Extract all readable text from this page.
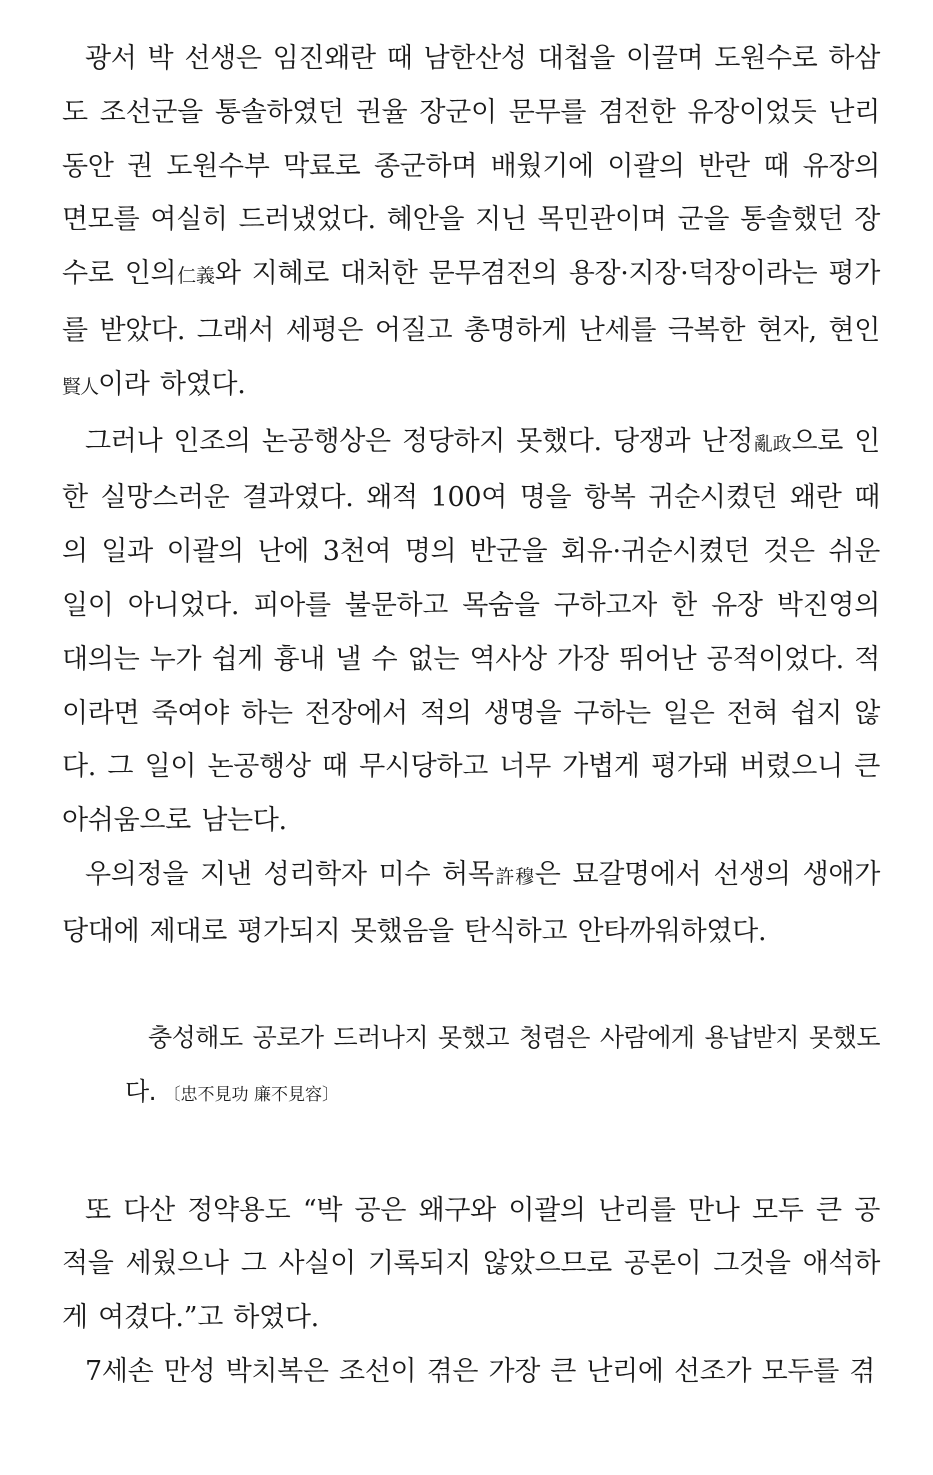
광서 박 선생은 임진왜란 때 남한산성 대첩을 이끌며 도원수로 하삼도 조선군을 통솔하였던 권율 장군이 문무를 겸전한 유장이었듯 난리 동안 권 도원수부 막료로 종군하며 배웠기에 이괄의 반란 때 유장의 면모를 여실히 드러냈었다. 혜안을 지닌 목민관이며 군을 통솔했던 장수로 인의仁義와 지혜로 대처한 문무겸전의 용장·지장·덕장이라는 평가를 받았다. 그래서 세평은 어질고 총명하게 난세를 극복한 현자, 현인賢人이라 하였다.

그러나 인조의 논공행상은 정당하지 못했다. 당쟁과 난정亂政으로 인한 실망스러운 결과였다. 왜적 100여 명을 항복 귀순시켰던 왜란 때의 일과 이괄의 난에 3천여 명의 반군을 회유·귀순시켰던 것은 쉬운 일이 아니었다. 피아를 불문하고 목숨을 구하고자 한 유장 박진영의 대의는 누가 쉽게 흉내 낼 수 없는 역사상 가장 뛰어난 공적이었다. 적이라면 죽여야 하는 전장에서 적의 생명을 구하는 일은 전혀 쉽지 않다. 그 일이 논공행상 때 무시당하고 너무 가볍게 평가돼 버렸으니 큰 아쉬움으로 남는다.

우의정을 지낸 성리학자 미수 허목許穆은 묘갈명에서 선생의 생애가 당대에 제대로 평가되지 못했음을 탄식하고 안타까워하였다.

충성해도 공로가 드러나지 못했고 청렴은 사람에게 용납받지 못했도다. 〔忠不見功 廉不見容〕

또 다산 정약용도 “박 공은 왜구와 이괄의 난리를 만나 모두 큰 공적을 세웠으나 그 사실이 기록되지 않았으므로 공론이 그것을 애석하게 여겼다.”고 하였다.

7세손 만성 박치복은 조선이 겪은 가장 큰 난리에 선조가 모두를 겪
